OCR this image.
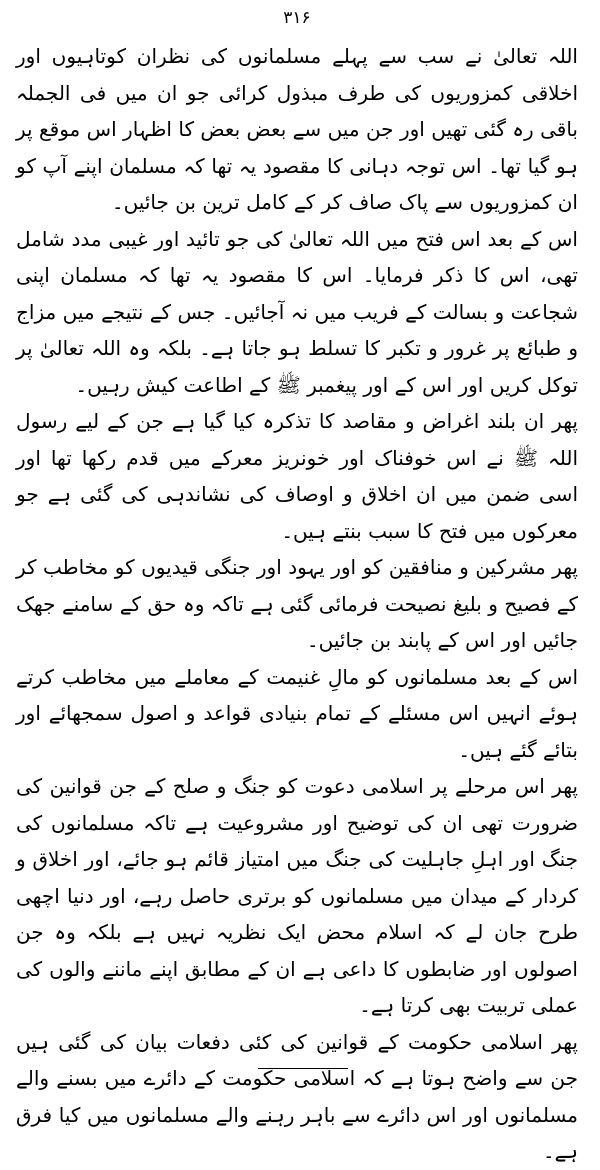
۳۱۶

اللہ تعالیٰ نے سب سے پہلے مسلمانوں کی نظران کوتاہیوں اور اخلاقی کمزوریوں کی طرف مبذول کرائی جو ان میں فی الجملہ باقی رہ گئی تھیں اور جن میں سے بعض بعض کا اظہار اس موقع پر ہو گیا تھا۔ اس توجہ دہانی کا مقصود یہ تھا کہ مسلمان اپنے آپ کو ان کمزوریوں سے پاک صاف کر کے کامل ترین بن جائیں۔

اس کے بعد اس فتح میں اللہ تعالیٰ کی جو تائید اور غیبی مدد شامل تھی، اس کا ذکر فرمایا۔ اس کا مقصود یہ تھا کہ مسلمان اپنی شجاعت و بسالت کے فریب میں نہ آجائیں۔ جس کے نتیجے میں مزاج و طبائع پر غرور و تکبر کا تسلط ہو جاتا ہے۔ بلکہ وہ اللہ تعالیٰ پر توکل کریں اور اس کے اور پیغمبر ﷺ کے اطاعت کیش رہیں۔

پھر ان بلند اغراض و مقاصد کا تذکرہ کیا گیا ہے جن کے لیے رسول اللہ ﷺ نے اس خوفناک اور خونریز معرکے میں قدم رکھا تھا اور اسی ضمن میں ان اخلاق و اوصاف کی نشاندہی کی گئی ہے جو معرکوں میں فتح کا سبب بنتے ہیں۔

پھر مشرکین و منافقین کو اور یہود اور جنگی قیدیوں کو مخاطب کر کے فصیح و بلیغ نصیحت فرمائی گئی ہے تاکہ وہ حق کے سامنے جھک جائیں اور اس کے پابند بن جائیں۔

اس کے بعد مسلمانوں کو مالِ غنیمت کے معاملے میں مخاطب کرتے ہوئے انہیں اس مسئلے کے تمام بنیادی قواعد و اصول سمجھائے اور بتائے گئے ہیں۔

پھر اس مرحلے پر اسلامی دعوت کو جنگ و صلح کے جن قوانین کی ضرورت تھی ان کی توضیح اور مشروعیت ہے تاکہ مسلمانوں کی جنگ اور اہلِ جاہلیت کی جنگ میں امتیاز قائم ہو جائے، اور اخلاق و کردار کے میدان میں مسلمانوں کو برتری حاصل رہے، اور دنیا اچھی طرح جان لے کہ اسلام محض ایک نظریہ نہیں ہے بلکہ وہ جن اصولوں اور ضابطوں کا داعی ہے ان کے مطابق اپنے ماننے والوں کی عملی تربیت بھی کرتا ہے۔

پھر اسلامی حکومت کے قوانین کی کئی دفعات بیان کی گئی ہیں جن سے واضح ہوتا ہے کہ اسلامی حکومت کے دائرے میں بسنے والے مسلمانوں اور اس دائرے سے باہر رہنے والے مسلمانوں میں کیا فرق ہے۔
